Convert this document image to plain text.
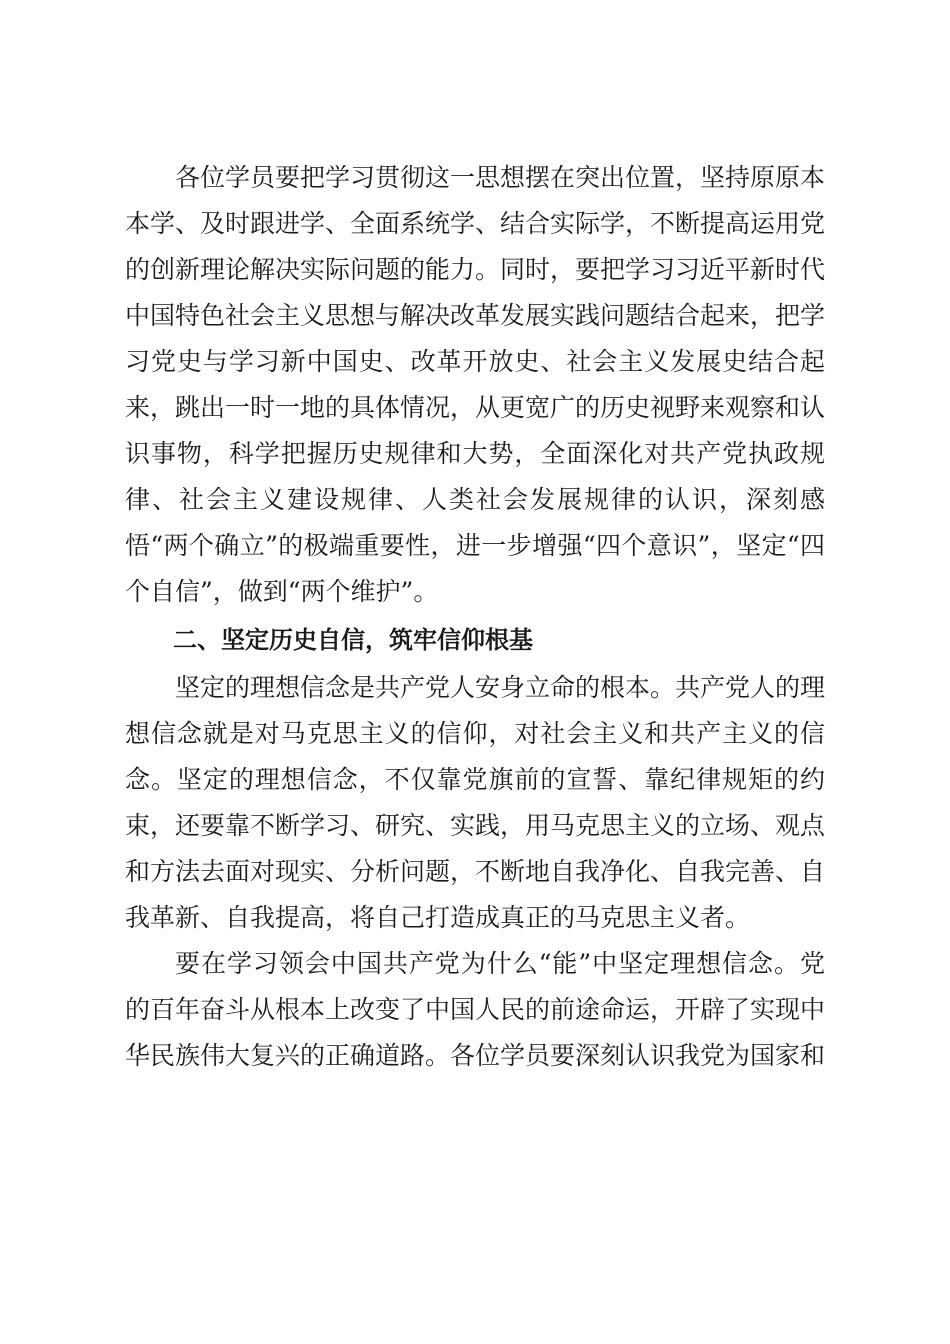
各位学员要把学习贯彻这一思想摆在突出位置，坚持原原本本学、及时跟进学、全面系统学、结合实际学，不断提高运用党的创新理论解决实际问题的能力。同时，要把学习习近平新时代中国特色社会主义思想与解决改革发展实践问题结合起来，把学习党史与学习新中国史、改革开放史、社会主义发展史结合起来，跳出一时一地的具体情况，从更宽广的历史视野来观察和认识事物，科学把握历史规律和大势，全面深化对共产党执政规律、社会主义建设规律、人类社会发展规律的认识，深刻感悟“两个确立”的极端重要性，进一步增强“四个意识”，坚定“四个自信”，做到“两个维护”。

二、坚定历史自信，筑牢信仰根基

坚定的理想信念是共产党人安身立命的根本。共产党人的理想信念就是对马克思主义的信仰，对社会主义和共产主义的信念。坚定的理想信念，不仅靠党旗前的宣誓、靠纪律规矩的约束，还要靠不断学习、研究、实践，用马克思主义的立场、观点和方法去面对现实、分析问题，不断地自我净化、自我完善、自我革新、自我提高，将自己打造成真正的马克思主义者。

要在学习领会中国共产党为什么“能”中坚定理想信念。党的百年奋斗从根本上改变了中国人民的前途命运，开辟了实现中华民族伟大复兴的正确道路。各位学员要深刻认识我党为国家和
